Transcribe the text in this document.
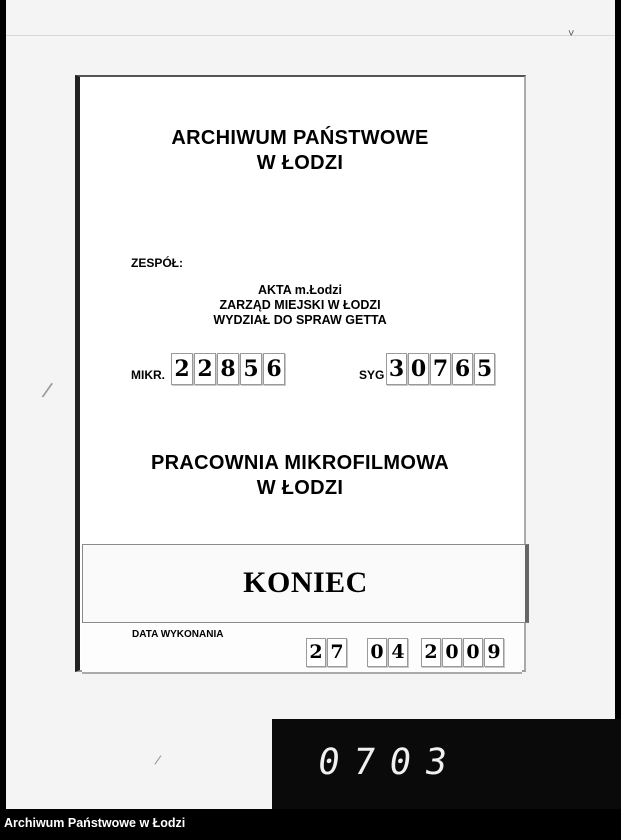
˅
/
/
ARCHIWUM PAŃSTWOWE
W ŁODZI
ZESPÓŁ:
AKTA m.Łodzi
ZARZĄD MIEJSKI W ŁODZI
WYDZIAŁ DO SPRAW GETTA
MIKR. 2 2 8 5 6	SYG 3 0 7 6 5
PRACOWNIA MIKROFILMOWA
W ŁODZI
KONIEC
DATA WYKONANIA
2 7 0 4 2 0 0 9
0703
Archiwum Państwowe w Łodzi
